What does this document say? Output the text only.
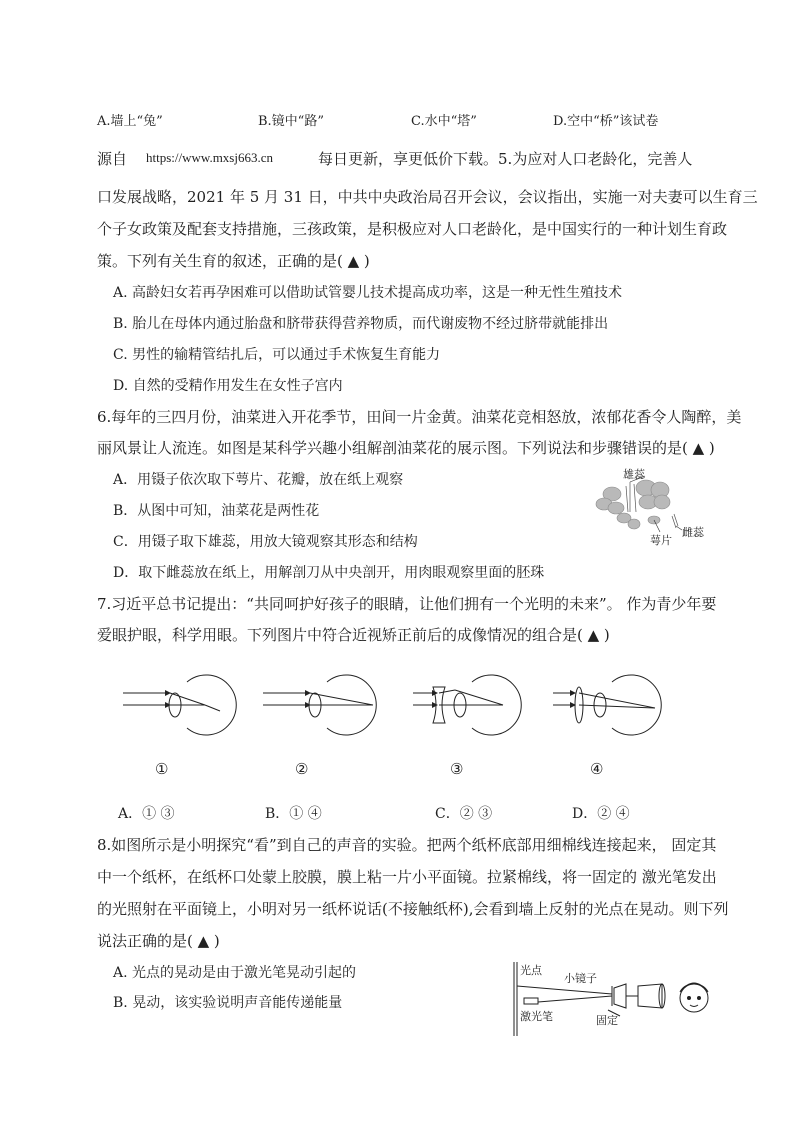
A.墙上“兔”	B.镜中“路”	C.水中“塔”	D.空中“桥”该试卷
源自 https://www.mxsj663.cn	每日更新，享更低价下载。5.为应对人口老龄化，完善人
口发展战略，2021 年 5 月 31 日，中共中央政治局召开会议，会议指出，实施一对夫妻可以生育三
个子女政策及配套支持措施，三孩政策，是积极应对人口老龄化，是中国实行的一种计划生育政
策。下列有关生育的叙述，正确的是( ▲ )
A. 高龄妇女若再孕困难可以借助试管婴儿技术提高成功率，这是一种无性生殖技术
B. 胎儿在母体内通过胎盘和脐带获得营养物质，而代谢废物不经过脐带就能排出
C. 男性的输精管结扎后，可以通过手术恢复生育能力
D. 自然的受精作用发生在女性子宫内
6.每年的三四月份，油菜进入开花季节，田间一片金黄。油菜花竞相怒放，浓郁花香令人陶醉，美
丽风景让人流连。如图是某科学兴趣小组解剖油菜花的展示图。下列说法和步骤错误的是( ▲ )
A．用镊子依次取下萼片、花瓣，放在纸上观察
B．从图中可知，油菜花是两性花
C．用镊子取下雄蕊，用放大镜观察其形态和结构
D．取下雌蕊放在纸上，用解剖刀从中央剖开，用肉眼观察里面的胚珠
雄蕊
萼片
雌蕊
7.习近平总书记提出：“共同呵护好孩子的眼睛，让他们拥有一个光明的未来”。 作为青少年要
爱眼护眼，科学用眼。下列图片中符合近视矫正前后的成像情况的组合是( ▲ )
①	②	③	④
A．① ③	B．① ④	C．② ③	D．② ④
8.如图所示是小明探究“看”到自己的声音的实验。把两个纸杯底部用细棉线连接起来， 固定其
中一个纸杯，在纸杯口处蒙上胶膜，膜上粘一片小平面镜。拉紧棉线，将一固定的 激光笔发出
的光照射在平面镜上，小明对另一纸杯说话(不接触纸杯),会看到墙上反射的光点在晃动。则下列
说法正确的是( ▲ )
A. 光点的晃动是由于激光笔晃动引起的
B. 晃动，该实验说明声音能传递能量
光点
小镜子
激光笔	固定
